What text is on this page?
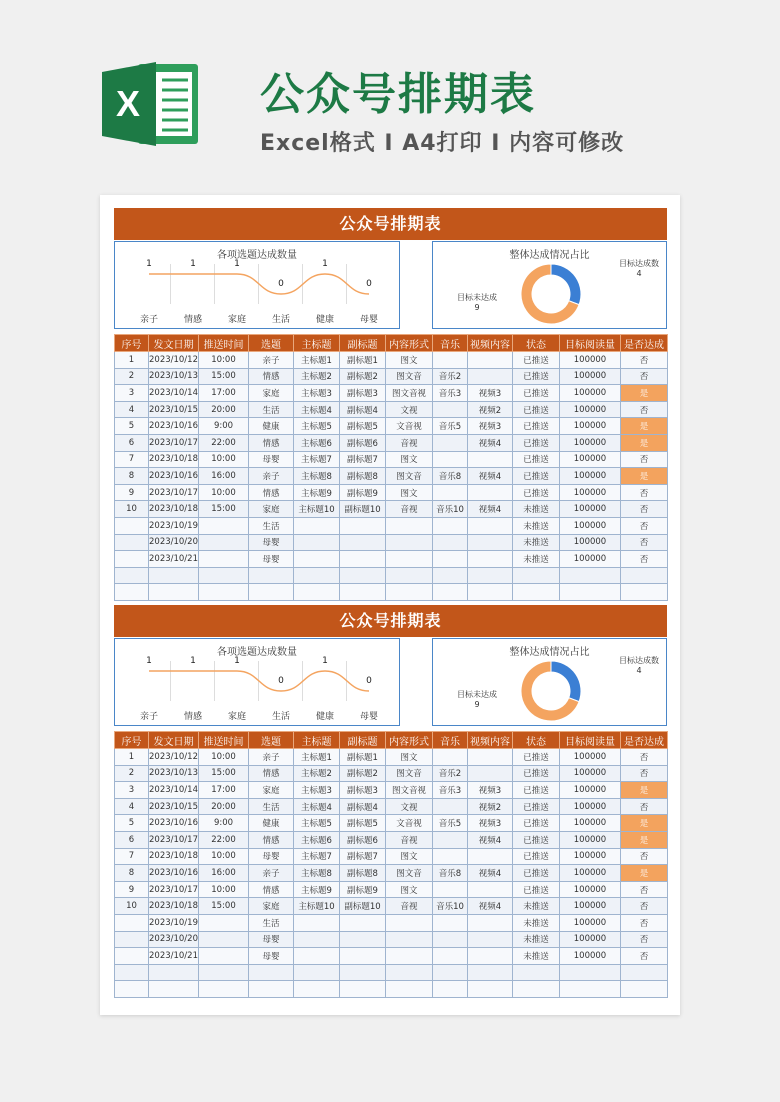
X	公众号排期表
Excel格式 I A4打印 I 内容可修改
公众号排期表
各项选题达成数量
1	1	1
0
1
0
亲子	情感	家庭	生活	健康	母婴
整体达成情况占比
目标达成数
4
目标未达成
9
序号	发文日期	推送时间	选题	主标题	副标题	内容形式	音乐	视频内容	状态	目标阅读量	是否达成
1	2023/10/12	10:00	亲子	主标题1	副标题1	图文			已推送	100000	否
2	2023/10/13	15:00	情感	主标题2	副标题2	图文音	音乐2		已推送	100000	否
3	2023/10/14	17:00	家庭	主标题3	副标题3	图文音视	音乐3	视频3	已推送	100000	是
4	2023/10/15	20:00	生活	主标题4	副标题4	文视		视频2	已推送	100000	否
5	2023/10/16	9:00	健康	主标题5	副标题5	文音视	音乐5	视频3	已推送	100000	是
6	2023/10/17	22:00	情感	主标题6	副标题6	音视		视频4	已推送	100000	是
7	2023/10/18	10:00	母婴	主标题7	副标题7	图文			已推送	100000	否
8	2023/10/16	16:00	亲子	主标题8	副标题8	图文音	音乐8	视频4	已推送	100000	是
9	2023/10/17	10:00	情感	主标题9	副标题9	图文			已推送	100000	否
10	2023/10/18	15:00	家庭	主标题10	副标题10	音视	音乐10	视频4	未推送	100000	否
	2023/10/19		生活						未推送	100000	否
	2023/10/20		母婴						未推送	100000	否
	2023/10/21		母婴						未推送	100000	否

公众号排期表
各项选题达成数量
1	1	1
0
1
0
亲子	情感	家庭	生活	健康	母婴
整体达成情况占比
目标达成数
4
目标未达成
9
序号	发文日期	推送时间	选题	主标题	副标题	内容形式	音乐	视频内容	状态	目标阅读量	是否达成
1	2023/10/12	10:00	亲子	主标题1	副标题1	图文			已推送	100000	否
2	2023/10/13	15:00	情感	主标题2	副标题2	图文音	音乐2		已推送	100000	否
3	2023/10/14	17:00	家庭	主标题3	副标题3	图文音视	音乐3	视频3	已推送	100000	是
4	2023/10/15	20:00	生活	主标题4	副标题4	文视		视频2	已推送	100000	否
5	2023/10/16	9:00	健康	主标题5	副标题5	文音视	音乐5	视频3	已推送	100000	是
6	2023/10/17	22:00	情感	主标题6	副标题6	音视		视频4	已推送	100000	是
7	2023/10/18	10:00	母婴	主标题7	副标题7	图文			已推送	100000	否
8	2023/10/16	16:00	亲子	主标题8	副标题8	图文音	音乐8	视频4	已推送	100000	是
9	2023/10/17	10:00	情感	主标题9	副标题9	图文			已推送	100000	否
10	2023/10/18	15:00	家庭	主标题10	副标题10	音视	音乐10	视频4	未推送	100000	否
	2023/10/19		生活						未推送	100000	否
	2023/10/20		母婴						未推送	100000	否
	2023/10/21		母婴						未推送	100000	否
